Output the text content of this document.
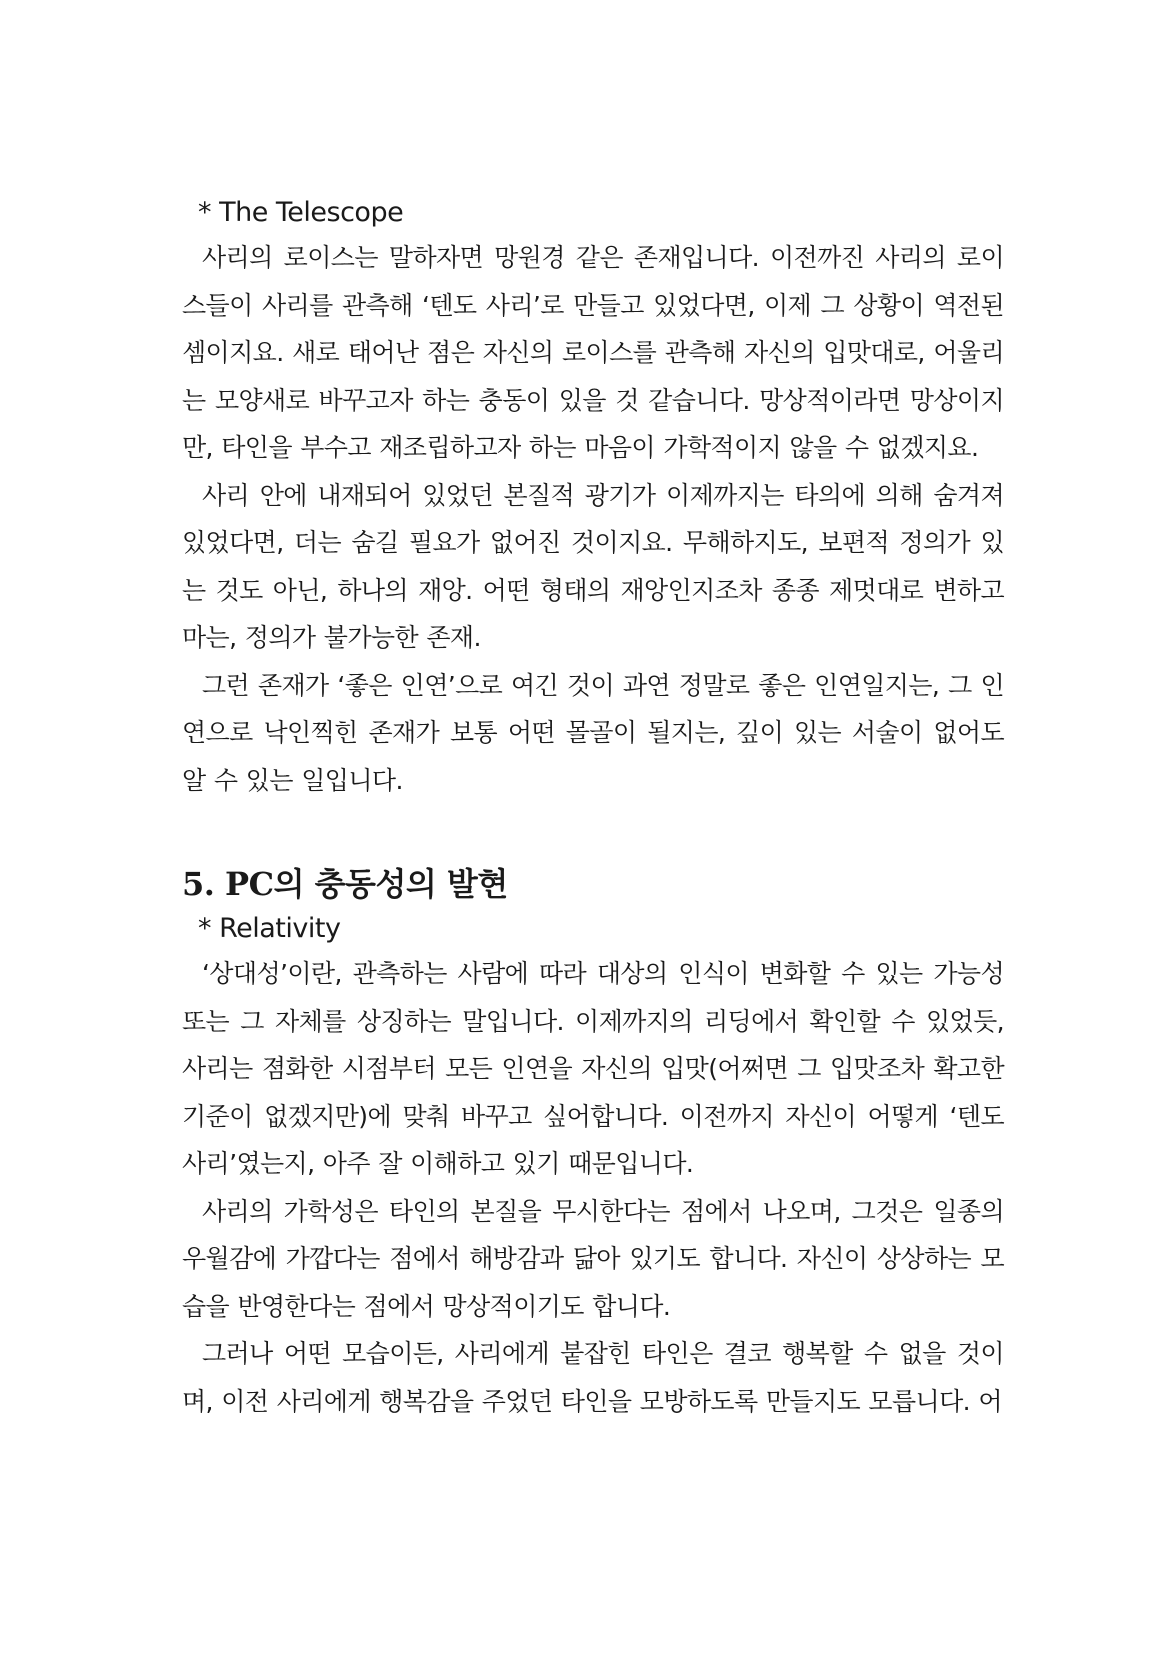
* The Telescope

사리의 로이스는 말하자면 망원경 같은 존재입니다. 이전까진 사리의 로이스들이 사리를 관측해 ‘텐도 사리’로 만들고 있었다면, 이제 그 상황이 역전된 셈이지요. 새로 태어난 졈은 자신의 로이스를 관측해 자신의 입맛대로, 어울리는 모양새로 바꾸고자 하는 충동이 있을 것 같습니다. 망상적이라면 망상이지만, 타인을 부수고 재조립하고자 하는 마음이 가학적이지 않을 수 없겠지요.

사리 안에 내재되어 있었던 본질적 광기가 이제까지는 타의에 의해 숨겨져 있었다면, 더는 숨길 필요가 없어진 것이지요. 무해하지도, 보편적 정의가 있는 것도 아닌, 하나의 재앙. 어떤 형태의 재앙인지조차 종종 제멋대로 변하고 마는, 정의가 불가능한 존재.

그런 존재가 ‘좋은 인연’으로 여긴 것이 과연 정말로 좋은 인연일지는, 그 인연으로 낙인찍힌 존재가 보통 어떤 몰골이 될지는, 깊이 있는 서술이 없어도 알 수 있는 일입니다.

5. PC의 충동성의 발현
* Relativity

‘상대성’이란, 관측하는 사람에 따라 대상의 인식이 변화할 수 있는 가능성 또는 그 자체를 상징하는 말입니다. 이제까지의 리딩에서 확인할 수 있었듯, 사리는 졈화한 시점부터 모든 인연을 자신의 입맛(어쩌면 그 입맛조차 확고한 기준이 없겠지만)에 맞춰 바꾸고 싶어합니다. 이전까지 자신이 어떻게 ‘텐도 사리’였는지, 아주 잘 이해하고 있기 때문입니다.

사리의 가학성은 타인의 본질을 무시한다는 점에서 나오며, 그것은 일종의 우월감에 가깝다는 점에서 해방감과 닮아 있기도 합니다. 자신이 상상하는 모습을 반영한다는 점에서 망상적이기도 합니다.

그러나 어떤 모습이든, 사리에게 붙잡힌 타인은 결코 행복할 수 없을 것이며, 이전 사리에게 행복감을 주었던 타인을 모방하도록 만들지도 모릅니다. 어
